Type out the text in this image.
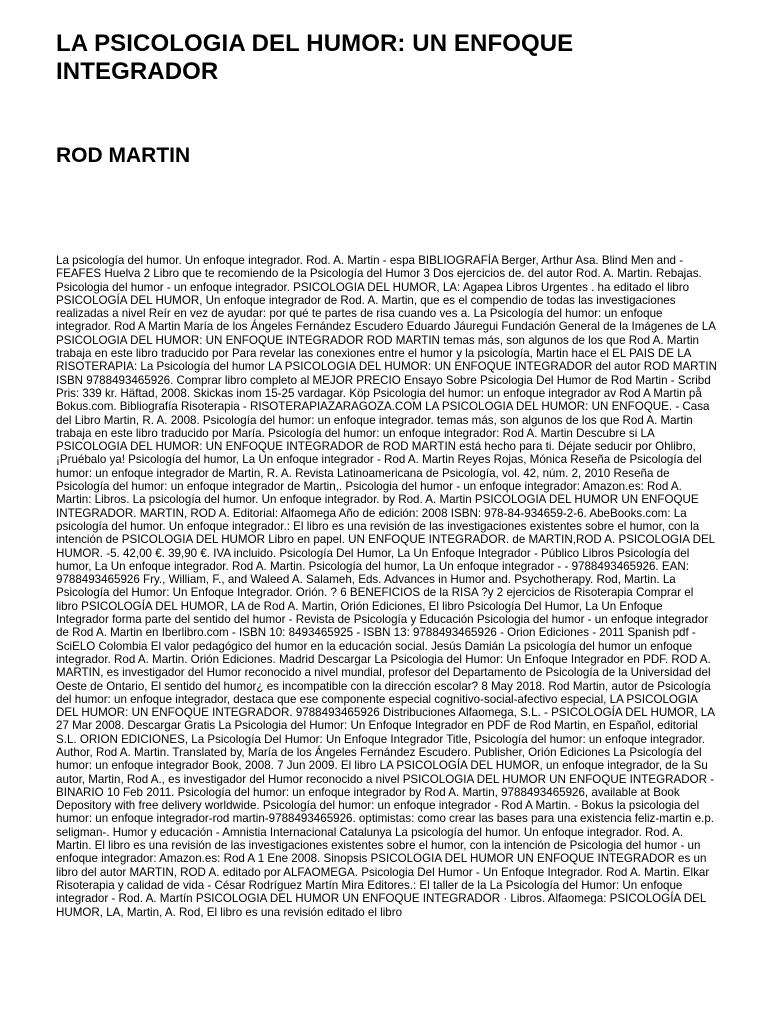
LA PSICOLOGIA DEL HUMOR: UN ENFOQUE INTEGRADOR
ROD MARTIN

La psicología del humor. Un enfoque integrador. Rod. A. Martin - espa BIBLIOGRAFÍA Berger, Arthur Asa. Blind Men and - FEAFES Huelva 2 Libro que te recomiendo de la Psicología del Humor 3 Dos ejercicios de. del autor Rod. A. Martin. Rebajas. Psicologia del humor - un enfoque integrador. PSICOLOGIA DEL HUMOR, LA: Agapea Libros Urgentes . ha editado el libro PSICOLOGÍA DEL HUMOR, Un enfoque integrador de Rod. A. Martin, que es el compendio de todas las investigaciones realizadas a nivel Reír en vez de ayudar: por qué te partes de risa cuando ves a. La Psicología del humor: un enfoque integrador. Rod A Martin María de los Ángeles Fernández Escudero Eduardo Jáuregui Fundación General de la Imágenes de LA PSICOLOGIA DEL HUMOR: UN ENFOQUE INTEGRADOR ROD MARTIN temas más, son algunos de los que Rod A. Martin trabaja en este libro traducido por Para revelar las conexiones entre el humor y la psicología, Martin hace el EL PAIS DE LA RISOTERAPIA: La Psicología del humor LA PSICOLOGIA DEL HUMOR: UN ENFOQUE INTEGRADOR del autor ROD MARTIN ISBN 9788493465926. Comprar libro completo al MEJOR PRECIO Ensayo Sobre Psicologia Del Humor de Rod Martin - Scribd Pris: 339 kr. Häftad, 2008. Skickas inom 15-25 vardagar. Köp Psicologia del humor: un enfoque integrador av Rod A Martin på Bokus.com. Bibliografía Risoterapia - RISOTERAPIAZARAGOZA.COM LA PSICOLOGIA DEL HUMOR: UN ENFOQUE. - Casa del Libro Martin, R. A. 2008. Psicología del humor: un enfoque integrador. temas más, son algunos de los que Rod A. Martin trabaja en este libro traducido por María. Psicología del humor: un enfoque integrador: Rod A. Martin Descubre si LA PSICOLOGIA DEL HUMOR: UN ENFOQUE INTEGRADOR de ROD MARTIN está hecho para ti. Déjate seducir por Ohlibro, ¡Pruébalo ya! Psicología del humor, La Un enfoque integrador - Rod A. Martin Reyes Rojas, Mónica Reseña de Psicología del humor: un enfoque integrador de Martin, R. A. Revista Latinoamericana de Psicología, vol. 42, núm. 2, 2010 Reseña de Psicología del humor: un enfoque integrador de Martin,. Psicologia del humor - un enfoque integrador: Amazon.es: Rod A. Martin: Libros. La psicología del humor. Un enfoque integrador. by Rod. A. Martin PSICOLOGIA DEL HUMOR UN ENFOQUE INTEGRADOR. MARTIN, ROD A. Editorial: Alfaomega Año de edición: 2008 ISBN: 978-84-934659-2-6. AbeBooks.com: La psicología del humor. Un enfoque integrador.: El libro es una revisión de las investigaciones existentes sobre el humor, con la intención de PSICOLOGIA DEL HUMOR Libro en papel. UN ENFOQUE INTEGRADOR. de MARTIN,ROD A. PSICOLOGIA DEL HUMOR. -5. 42,00 €. 39,90 €. IVA incluido. Psicología Del Humor, La Un Enfoque Integrador - Público Libros Psicología del humor, La Un enfoque integrador. Rod A. Martin. Psicología del humor, La Un enfoque integrador - - 9788493465926. EAN: 9788493465926 Fry., William, F., and Waleed A. Salameh, Eds. Advances in Humor and. Psychotherapy. Rod, Martin. La Psicología del Humor: Un Enfoque Integrador. Orión. ? 6 BENEFICIOS de la RISA ?y 2 ejercicios de Risoterapia Comprar el libro PSICOLOGÍA DEL HUMOR, LA de Rod A. Martin, Orión Ediciones, El libro Psicología Del Humor, La Un Enfoque Integrador forma parte del sentido del humor - Revista de Psicología y Educación Psicologia del humor - un enfoque integrador de Rod A. Martin en Iberlibro.com - ISBN 10: 8493465925 - ISBN 13: 9788493465926 - Orion Ediciones - 2011 Spanish pdf - SciELO Colombia El valor pedagógico del humor en la educación social. Jesús Damián La psicología del humor un enfoque integrador. Rod A. Martin. Orión Ediciones. Madrid Descargar La Psicologia del Humor: Un Enfoque Integrador en PDF. ROD A. MARTIN, es investigador del Humor reconocido a nivel mundial, profesor del Departamento de Psicología de la Universidad del Oeste de Ontario, El sentido del humor¿ es incompatible con la dirección escolar? 8 May 2018. Rod Martin, autor de Psicología del humor: un enfoque integrador, destaca que ese componente especial cognitivo-social-afectivo especial, LA PSICOLOGIA DEL HUMOR: UN ENFOQUE INTEGRADOR. 9788493465926 Distribuciones Alfaomega, S.L. - PSICOLOGÍA DEL HUMOR, LA 27 Mar 2008. Descargar Gratis La Psicologia del Humor: Un Enfoque Integrador en PDF de Rod Martin, en Español, editorial S.L. ORION EDICIONES, La Psicología Del Humor: Un Enfoque Integrador Title, Psicología del humor: un enfoque integrador. Author, Rod A. Martin. Translated by, María de los Ángeles Fernández Escudero. Publisher, Orión Ediciones La Psicología del humor: un enfoque integrador Book, 2008. 7 Jun 2009. El libro LA PSICOLOGÍA DEL HUMOR, un enfoque integrador, de la Su autor, Martin, Rod A., es investigador del Humor reconocido a nivel PSICOLOGIA DEL HUMOR UN ENFOQUE INTEGRADOR - BINARIO 10 Feb 2011. Psicología del humor: un enfoque integrador by Rod A. Martin, 9788493465926, available at Book Depository with free delivery worldwide. Psicología del humor: un enfoque integrador - Rod A Martin. - Bokus la psicologia del humor: un enfoque integrador-rod martin-9788493465926. optimistas: como crear las bases para una existencia feliz-martin e.p. seligman-. Humor y educación - Amnistia Internacional Catalunya La psicología del humor. Un enfoque integrador. Rod. A. Martin. El libro es una revisión de las investigaciones existentes sobre el humor, con la intención de Psicologia del humor - un enfoque integrador: Amazon.es: Rod A 1 Ene 2008. Sinopsis PSICOLOGIA DEL HUMOR UN ENFOQUE INTEGRADOR es un libro del autor MARTIN, ROD A. editado por ALFAOMEGA. Psicologia Del Humor - Un Enfoque Integrador. Rod A. Martin. Elkar Risoterapia y calidad de vida - César Rodríguez Martín Mira Editores.: El taller de la La Psicología del Humor: Un enfoque integrador - Rod. A. Martín PSICOLOGIA DEL HUMOR UN ENFOQUE INTEGRADOR · Libros. Alfaomega: PSICOLOGÍA DEL HUMOR, LA, Martin, A. Rod, El libro es una revisión editado el libro
